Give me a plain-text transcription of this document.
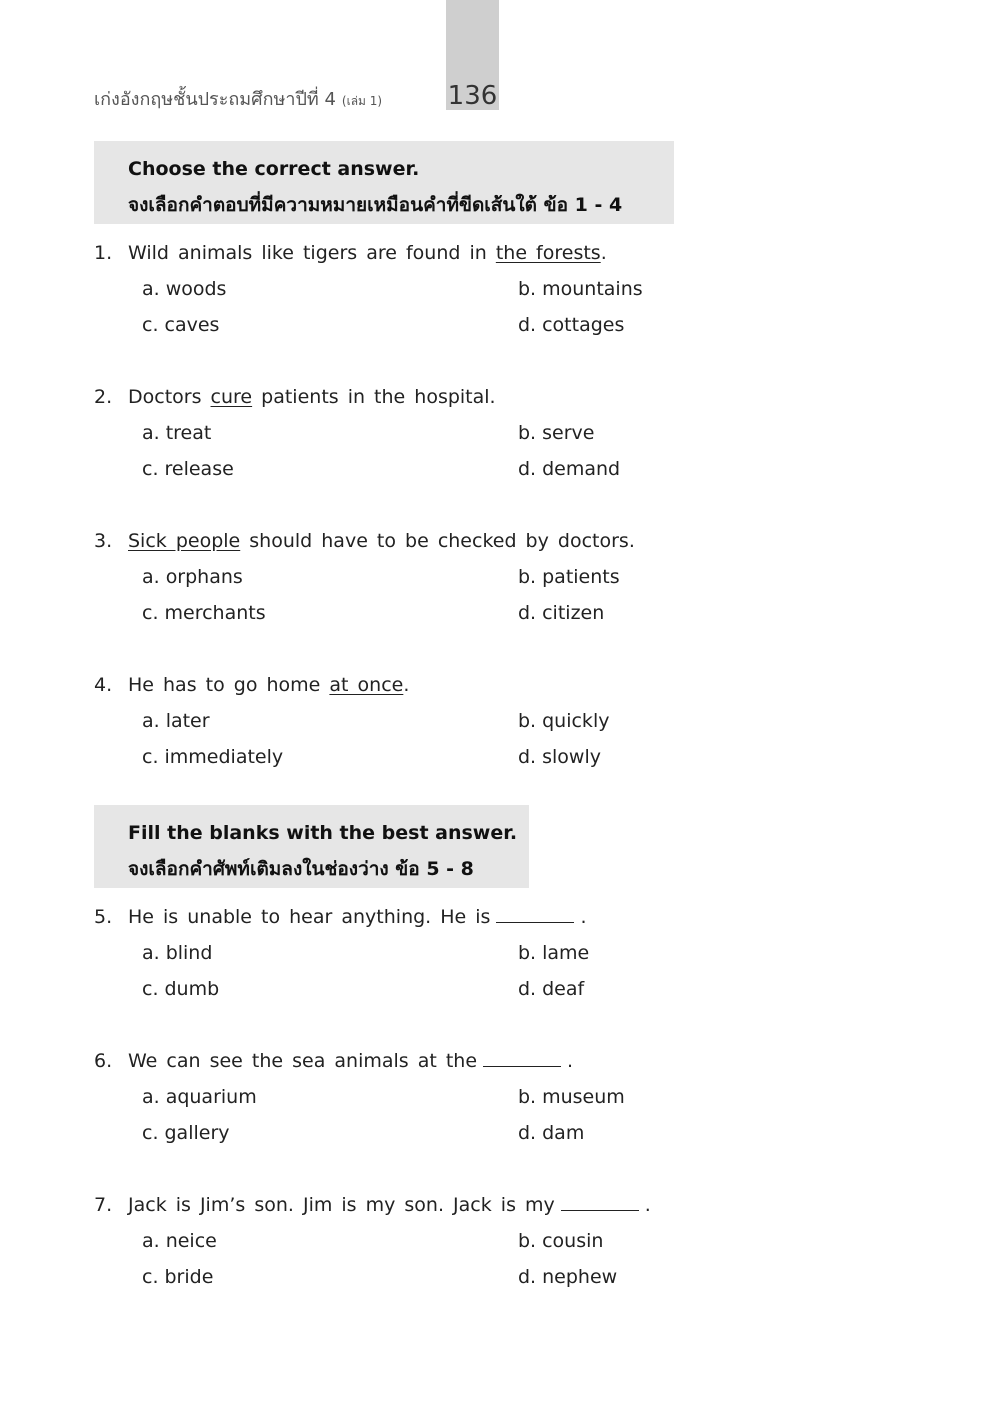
136
เก่งอังกฤษชั้นประถมศึกษาปีที่ 4 (เล่ม 1)
Choose the correct answer.
จงเลือกคำตอบที่มีความหมายเหมือนคำที่ขีดเส้นใต้ ข้อ 1 - 4
1. Wild animals like tigers are found in the forests.
a. woods	b. mountains
c. caves	d. cottages
2. Doctors cure patients in the hospital.
a. treat	b. serve
c. release	d. demand
3. Sick people should have to be checked by doctors.
a. orphans	b. patients
c. merchants	d. citizen
4. He has to go home at once.
a. later	b. quickly
c. immediately	d. slowly
Fill the blanks with the best answer.
จงเลือกคำศัพท์เติมลงในช่องว่าง ข้อ 5 - 8
5. He is unable to hear anything. He is	.
a. blind	b. lame
c. dumb	d. deaf
6. We can see the sea animals at the	.
a. aquarium	b. museum
c. gallery	d. dam
7. Jack is Jim’s son. Jim is my son. Jack is my	.
a. neice	b. cousin
c. bride	d. nephew
